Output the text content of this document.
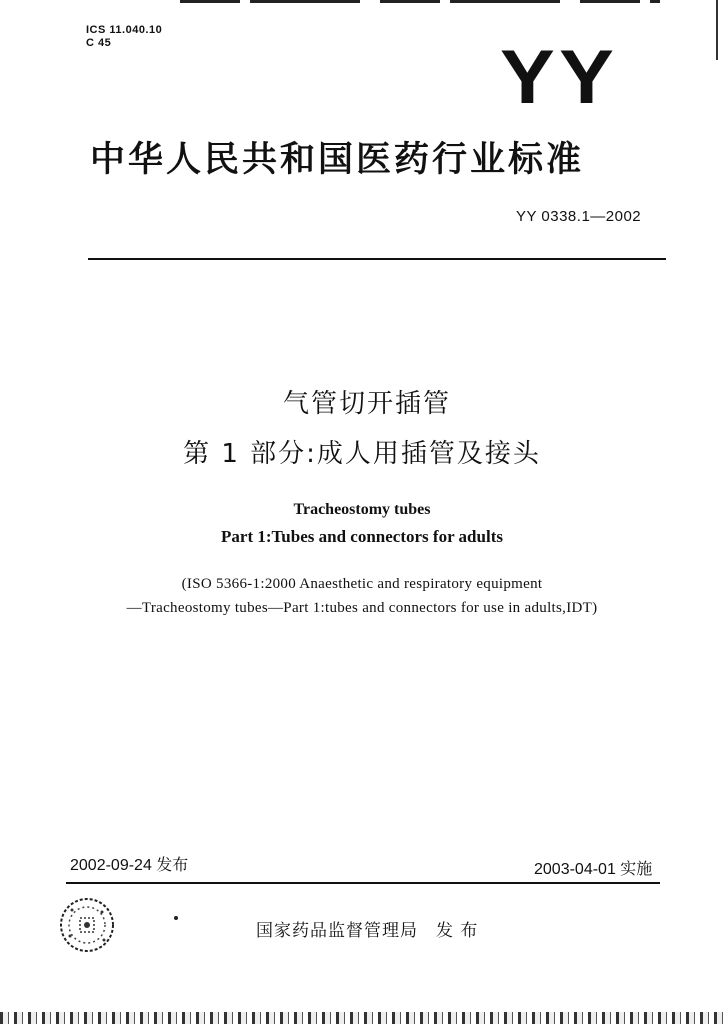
ICS 11.040.10
C 45	YY
中华人民共和国医药行业标准
YY 0338.1—2002
气管切开插管
第 1 部分:成人用插管及接头
Tracheostomy tubes
Part 1:Tubes and connectors for adults
(ISO 5366-1:2000 Anaesthetic and respiratory equipment
—Tracheostomy tubes—Part 1:tubes and connectors for use in adults,IDT)
2002-09-24 发布	2003-04-01 实施
国家药品监督管理局 发 布
